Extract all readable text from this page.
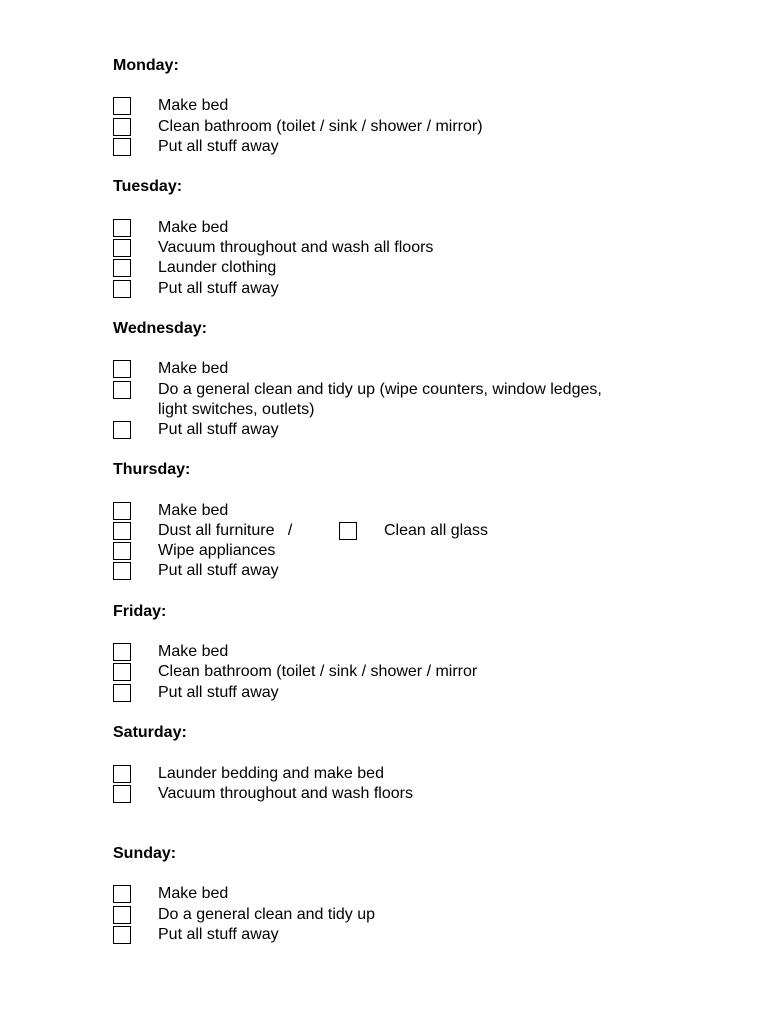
Monday:
Make bed
Clean bathroom (toilet / sink / shower / mirror)
Put all stuff away
Tuesday:
Make bed
Vacuum throughout and wash all floors
Launder clothing
Put all stuff away
Wednesday:
Make bed
Do a general clean and tidy up (wipe counters, window ledges,
light switches, outlets)
Put all stuff away
Thursday:
Make bed
Dust all furniture   /	Clean all glass
Wipe appliances
Put all stuff away
Friday:
Make bed
Clean bathroom (toilet / sink / shower / mirror
Put all stuff away
Saturday:
Launder bedding and make bed
Vacuum throughout and wash floors
Sunday:
Make bed
Do a general clean and tidy up
Put all stuff away
